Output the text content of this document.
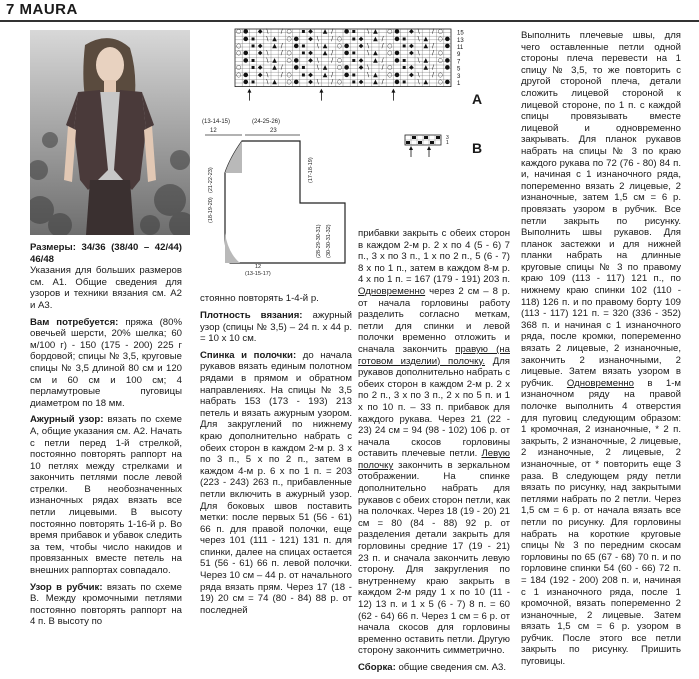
7 MAURA
○ ● ◆ \ / ○ ▪ ◆ ▲ / ● ▪ \ ▲ ○ ● ◆ \ / ○
● ▪ \ ▲ ○ ● ◆ \ / ○ ▪ ◆ ▲ / ● ▪ \ ▲ ○ ●
○ ▪ ◆ ▲ / ● ▪ \ ▲ ○ ● ◆ \ / ○ ▪ ◆ ▲ / ●
○ ● ◆ \ / ○ ▪ ◆ ▲ / ● ▪ \ ▲ ○ ● ◆ \ / ○
● ▪ \ ▲ ○ ● ◆ \ / ○ ▪ ◆ ▲ / ● ▪ \ ▲ ○ ●
○ ▪ ◆ ▲ / ● ▪ \ ▲ ○ ● ◆ \ / ○ ▪ ◆ ▲ / ●
○ ● ◆ \ / ○ ▪ ◆ ▲ / ● ▪ \ ▲ ○ ● ◆ \ / ○
● ▪ \ ▲ ○ ● ◆ \ / ○ ▪ ◆ ▲ / ● ▪ \ ▲ ○ ●
15
13
11
9
7
5
3
1
3
1
A
B
(13-14-15)	(24-25-26)
12	23
(21-22-23)
(18-19-20)
(17-18-19)
(28-29-30-31) (30-30-31-32)
(13-15-17)
12

Размеры: 34/36 (38/40 – 42/44) 46/48
Указания для больших размеров см. А1. Общие сведения для узоров и техники вязания см. А2 и А3.

Вам потребуется: пряжа (80% овечьей шерсти, 20% шелка; 60 м/100 г) - 150 (175 - 200) 225 г бордовой; спицы № 3,5, круговые спицы № 3,5 длиной 80 см и 120 см и 60 см и 100 см; 4 перламутровые пуговицы диаметром по 18 мм.

Ажурный узор: вязать по схеме А, общие указания см. А2. Начать с петли перед 1-й стрелкой, постоянно повторять раппорт на 10 петлях между стрелками и закончить петлями после левой стрелки. В необозначенных изнаночных рядах вязать все петли лицевыми. В высоту постоянно повторять 1-16-й р. Во время прибавок и убавок следить за тем, чтобы число накидов и провязанных вместе петель на внешних раппортах совпадало.

Узор в рубчик: вязать по схеме В. Между кромочными петлями постоянно повторять раппорт на 4 п. В высоту по

стоянно повторять 1-4-й р.

Плотность вязания: ажурный узор (спицы № 3,5) – 24 п. х 44 р. = 10 х 10 см.

Спинка и полочки: до начала рукавов вязать единым полотном рядами в прямом и обратном направлениях. На спицы № 3,5 набрать 153 (173 - 193) 213 петель и вязать ажурным узором. Для закруглений по нижнему краю дополнительно набрать с обеих сторон в каждом 2-м р. 3 х по 3 п., 5 х по 2 п., затем в каждом 4-м р. 6 х по 1 п. = 203 (223 - 243) 263 п., прибавленные петли включить в ажурный узор. Для боковых швов поставить метки: после первых 51 (56 - 61) 66 п. для правой полочки, еще через 101 (111 - 121) 131 п. для спинки, далее на спицах остается 51 (56 - 61) 66 п. левой полочки. Через 10 см – 44 р. от начального ряда вязать прям. Через 17 (18 - 19) 20 см = 74 (80 - 84) 88 р. от последней

прибавки закрыть с обеих сторон в каждом 2-м р. 2 х по 4 (5 - 6) 7 п., 3 х по 3 п., 1 х по 2 п., 5 (6 - 7) 8 х по 1 п., затем в каждом 8-м р. 4 х по 1 п. = 167 (179 - 191) 203 п. Одновременно через 2 см – 8 р. от начала горловины работу разделить согласно меткам, петли для спинки и левой полочки временно отложить и сначала закончить правую (на готовом изделии) полочку. Для рукавов дополнительно набрать с обеих сторон в каждом 2-м р. 2 х по 2 п., 3 х по 3 п., 2 х по 5 п. и 1 х по 10 п. – 33 п. прибавок для каждого рукава. Через 21 (22 - 23) 24 см = 94 (98 - 102) 106 р. от начала скосов горловины оставить плечевые петли. Левую полочку закончить в зеркальном отображении. На спинке дополнительно набрать для рукавов с обеих сторон петли, как на полочках. Через 18 (19 - 20) 21 см = 80 (84 - 88) 92 р. от разделения детали закрыть для горловины средние 17 (19 - 21) 23 п. и сначала закончить левую сторону. Для закругления по внутреннему краю закрыть в каждом 2-м ряду 1 х по 10 (11 - 12) 13 п. и 1 х 5 (6 - 7) 8 п. = 60 (62 - 64) 66 п. Через 1 см = 6 р. от начала скосов для горловины временно оставить петли. Другую сторону закончить симметрично.

Сборка: общие сведения см. А3.

Выполнить плечевые швы, для чего оставленные петли одной стороны плеча перевести на 1 спицу № 3,5, то же повторить с другой стороной плеча, детали сложить лицевой стороной к лицевой стороне, по 1 п. с каждой спицы провязывать вместе лицевой и одновременно закрывать. Для планок рукавов набрать на спицы № 3 по краю каждого рукава по 72 (76 - 80) 84 п. и, начиная с 1 изнаночного ряда, попеременно вязать 2 лицевые, 2 изнаночные, затем 1,5 см = 6 р. провязать узором в рубчик. Все петли закрыть по рисунку. Выполнить швы рукавов. Для планок застежки и для нижней планки набрать на длинные круговые спицы № 3 по правому краю 109 (113 - 117) 121 п., по нижнему краю спинки 102 (110 - 118) 126 п. и по правому борту 109 (113 - 117) 121 п. = 320 (336 - 352) 368 п. и начиная с 1 изнаночного ряда, после кромки, попеременно вязать 2 лицевые, 2 изнаночные, закончить 2 изнаночными, 2 лицевые. Затем вязать узором в рубчик. Одновременно в 1-м изнаночном ряду на правой полочке выполнить 4 отверстия для пуговиц следующим образом: 1 кромочная, 2 изнаночные, * 2 п. закрыть, 2 изнаночные, 2 лицевые, 2 изнаночные, 2 лицевые, 2 изнаночные, от * повторить еще 3 раза. В следующем ряду петли вязать по рисунку, над закрытыми петлями набрать по 2 петли. Через 1,5 см = 6 р. от начала вязать все петли по рисунку. Для горловины набрать на короткие круговые спицы № 3 по передним скосам горловины по 65 (67 - 68) 70 п. и по горловине спинки 54 (60 - 66) 72 п. = 184 (192 - 200) 208 п. и, начиная с 1 изнаночного ряда, после 1 кромочной, вязать попеременно 2 изнаночные, 2 лицевые. Затем вязать 1,5 см = 6 р. узором в рубчик. После этого все петли закрыть по рисунку. Пришить пуговицы.
